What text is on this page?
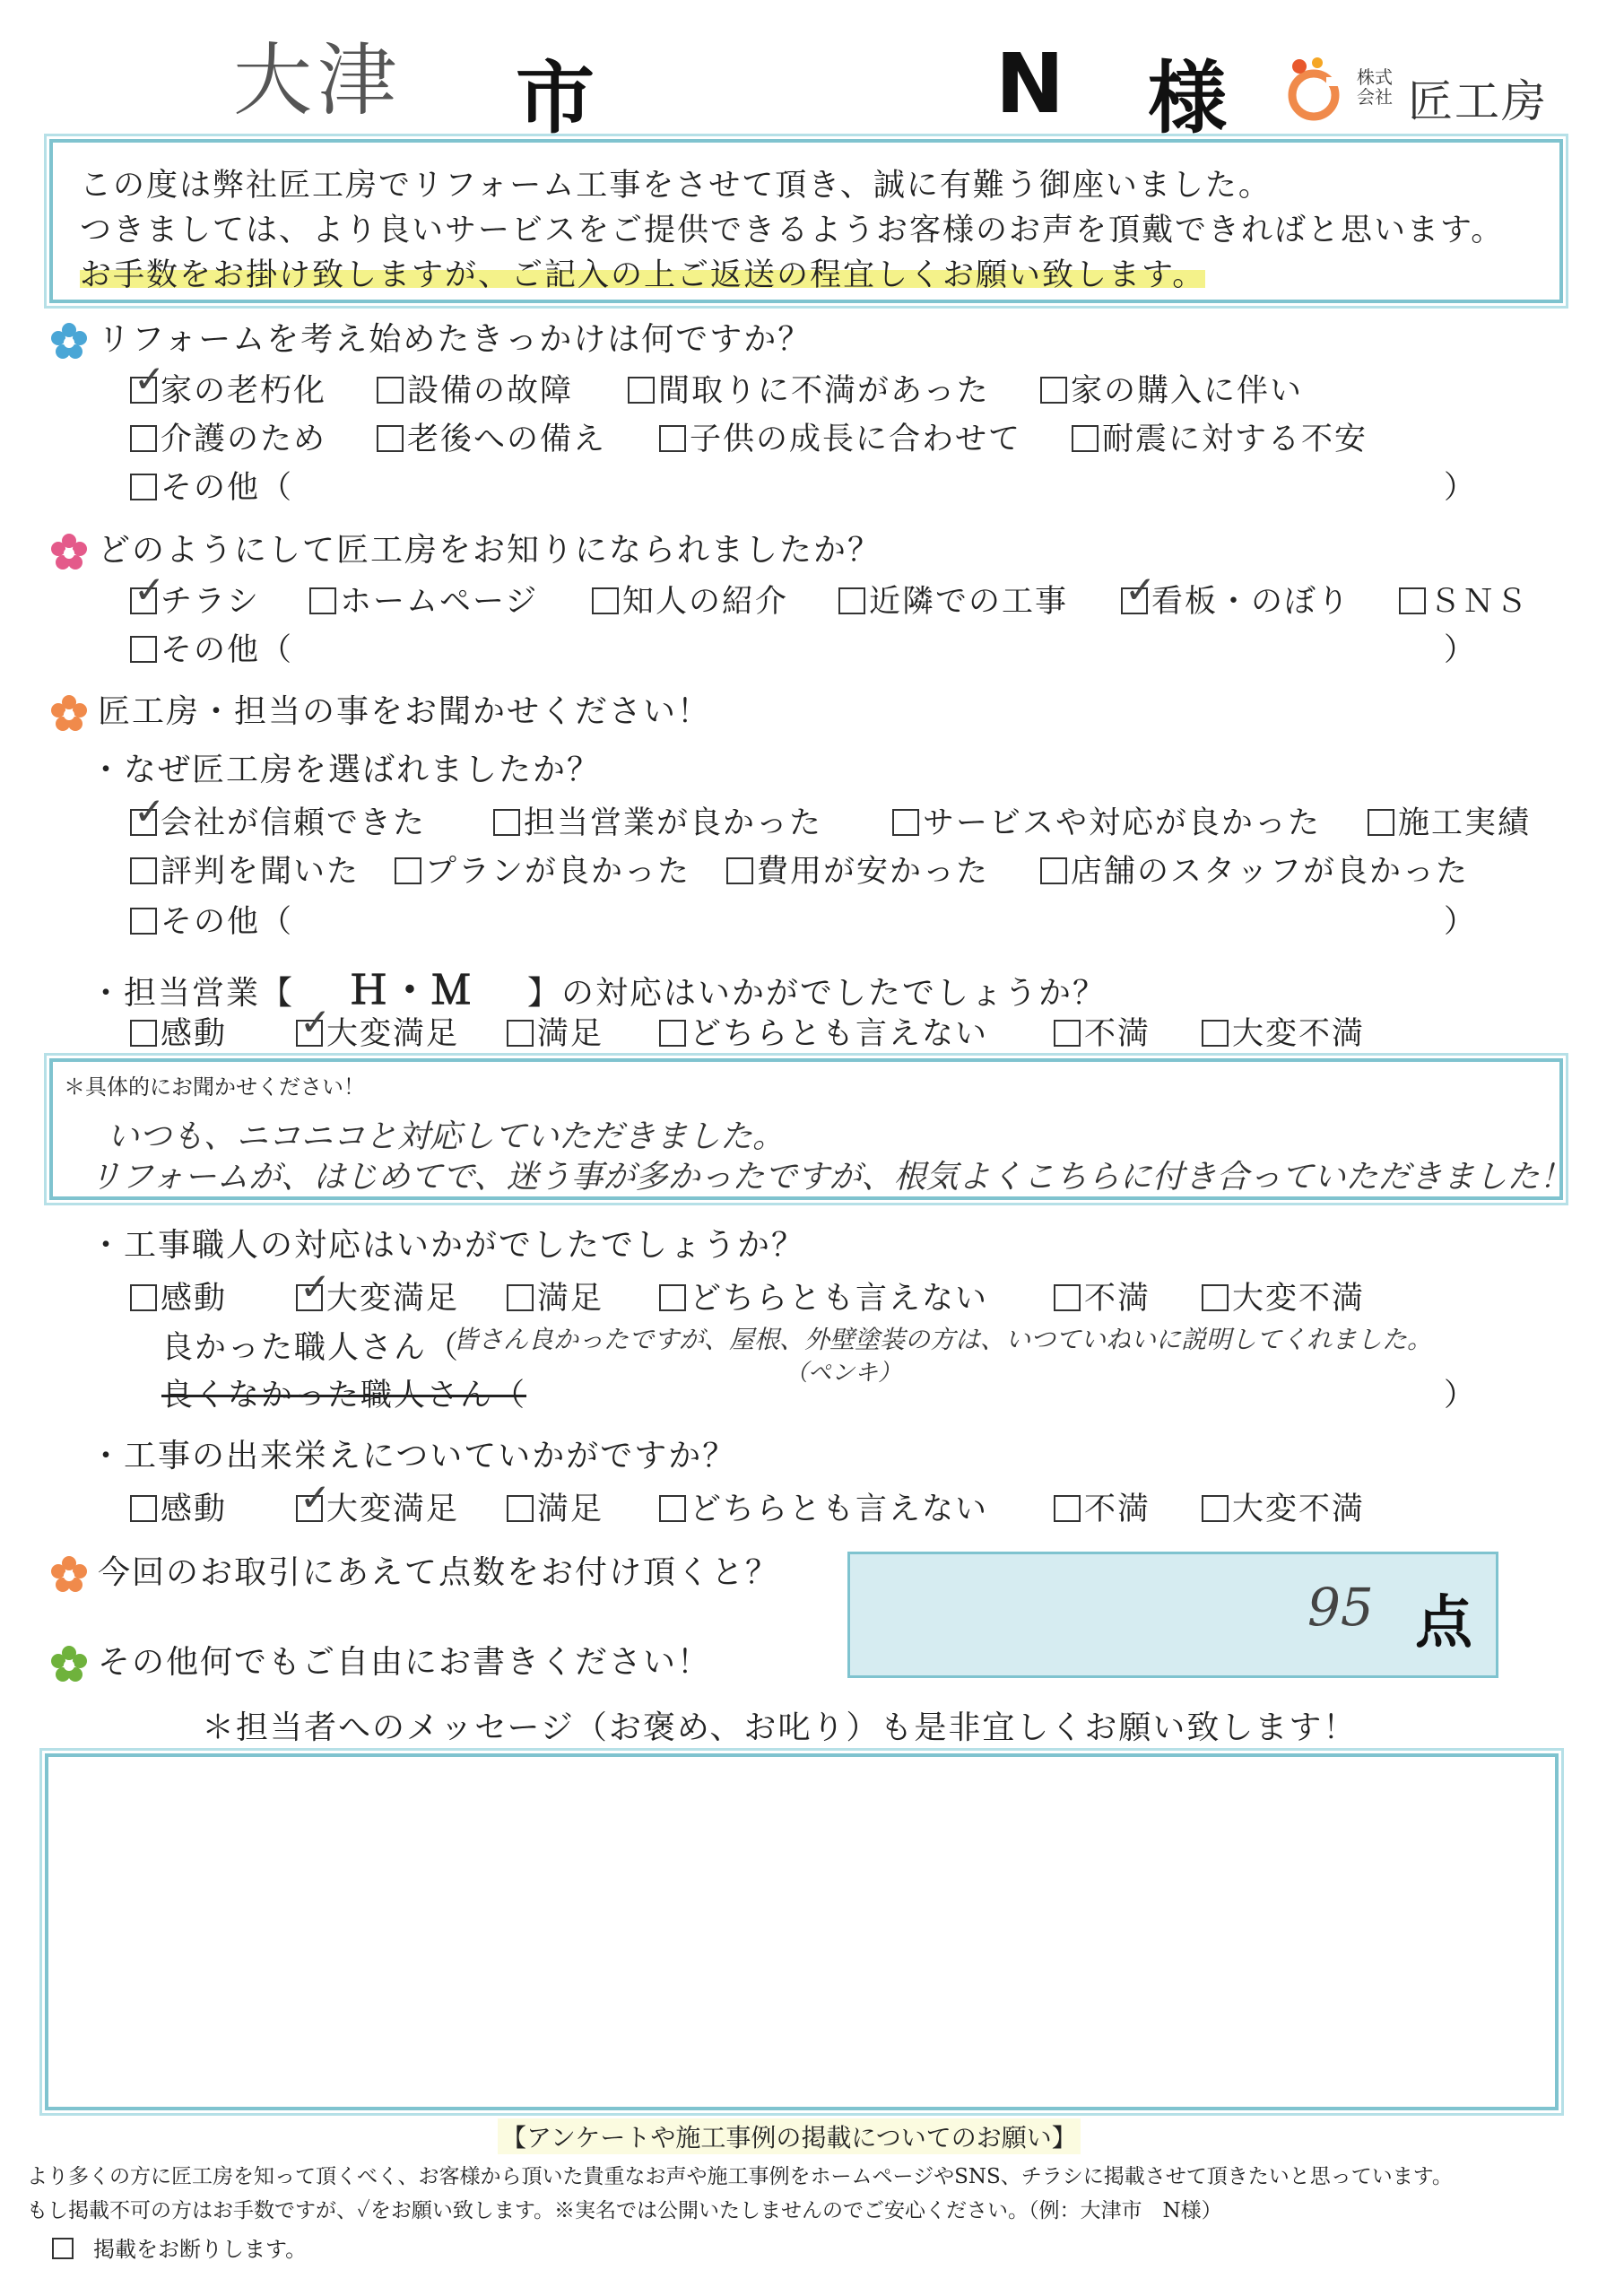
大津 市	N 様	株式会社 匠工房
この度は弊社匠工房でリフォーム工事をさせて頂き、誠に有難う御座いました。
つきましては、より良いサービスをご提供できるようお客様のお声を頂戴できればと思います。
お手数をお掛け致しますが、ご記入の上ご返送の程宜しくお願い致します。
リフォームを考え始めたきっかけは何ですか？
✓家の老朽化	設備の故障	間取りに不満があった	家の購入に伴い
介護のため	老後への備え	子供の成長に合わせて	耐震に対する不安
その他（	）
どのようにして匠工房をお知りになられましたか？
✓チラシ	ホームページ	知人の紹介	近隣での工事 ✓	看板・のぼり	ＳＮＳ
その他（	）
匠工房・担当の事をお聞かせください！
・なぜ匠工房を選ばれましたか？
✓会社が信頼できた	担当営業が良かった	サービスや対応が良かった	施工実績
評判を聞いた	プランが良かった	費用が安かった	店舗のスタッフが良かった
その他（	）
・担当営業【 Ｈ・Ｍ 】の対応はいかがでしたでしょうか？
感動 ✓	大変満足	満足	どちらとも言えない	不満	大変不満
＊具体的にお聞かせください！
いつも、ニコニコと対応していただきました。
リフォームが、はじめてで、迷う事が多かったですが、根気よくこちらに付き合っていただきました！
・工事職人の対応はいかがでしたでしょうか？
感動 ✓	大変満足	満足	どちらとも言えない	不満	大変不満
良かった職人さん（
皆さん良かったですが、屋根、外壁塗装の方は、いつていねいに説明してくれました。
（ペンキ）
良くなかった職人さん（	）
・工事の出来栄えについていかがですか？
感動 ✓	大変満足	満足	どちらとも言えない	不満	大変不満
今回のお取引にあえて点数をお付け頂くと？
95 点
その他何でもご自由にお書きください！
＊担当者へのメッセージ（お褒め、お叱り）も是非宜しくお願い致します！
【アンケートや施工事例の掲載についてのお願い】
より多くの方に匠工房を知って頂くべく、お客様から頂いた貴重なお声や施工事例をホームページやSNS、チラシに掲載させて頂きたいと思っています。
もし掲載不可の方はお手数ですが、✓をお願い致します。※実名では公開いたしませんのでご安心ください。（例：大津市　N様）
掲載をお断りします。
